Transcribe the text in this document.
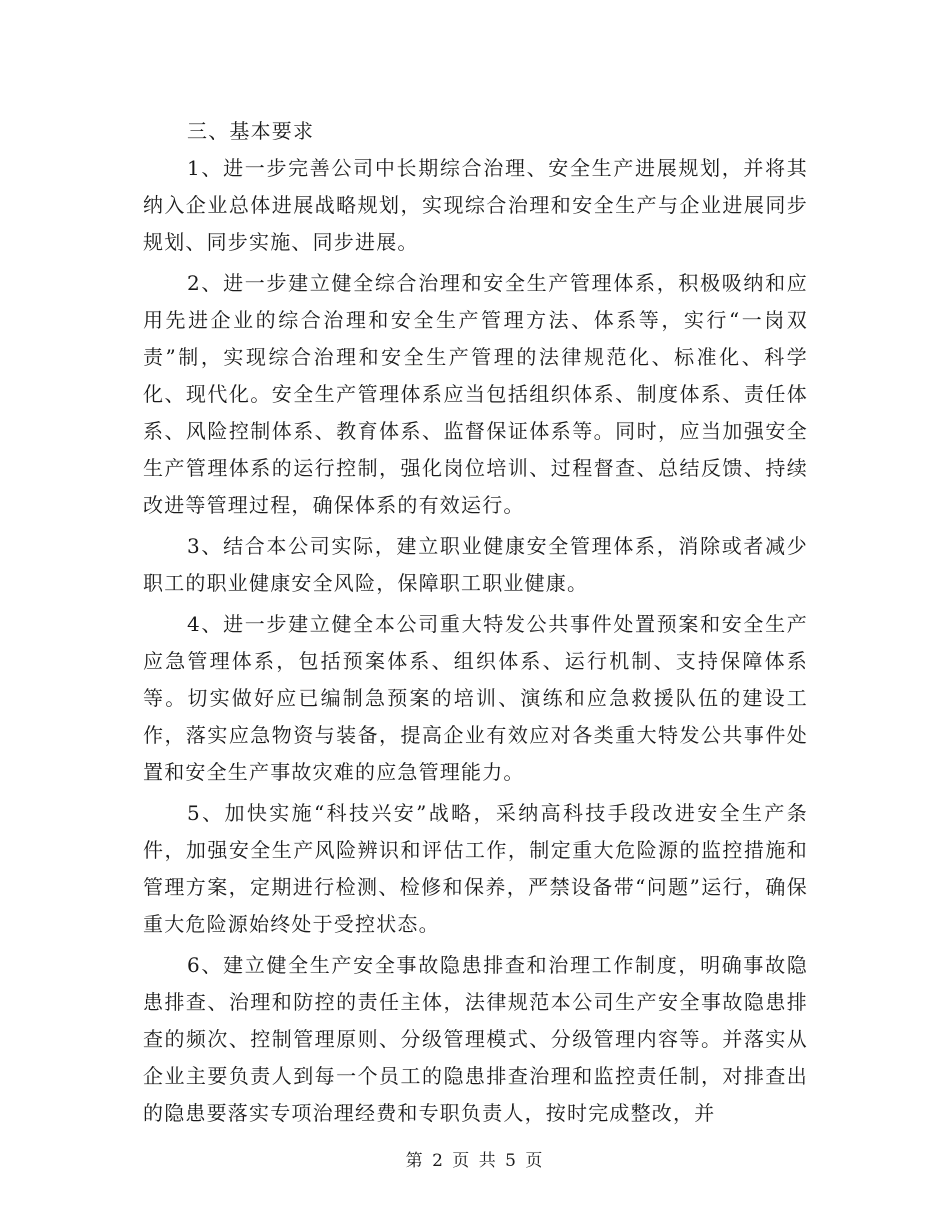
三、基本要求

1、进一步完善公司中长期综合治理、安全生产进展规划，并将其纳入企业总体进展战略规划，实现综合治理和安全生产与企业进展同步规划、同步实施、同步进展。

2、进一步建立健全综合治理和安全生产管理体系，积极吸纳和应用先进企业的综合治理和安全生产管理方法、体系等，实行“一岗双责”制，实现综合治理和安全生产管理的法律规范化、标准化、科学化、现代化。安全生产管理体系应当包括组织体系、制度体系、责任体系、风险控制体系、教育体系、监督保证体系等。同时，应当加强安全生产管理体系的运行控制，强化岗位培训、过程督查、总结反馈、持续改进等管理过程，确保体系的有效运行。

3、结合本公司实际，建立职业健康安全管理体系，消除或者减少职工的职业健康安全风险，保障职工职业健康。

4、进一步建立健全本公司重大特发公共事件处置预案和安全生产应急管理体系，包括预案体系、组织体系、运行机制、支持保障体系等。切实做好应已编制急预案的培训、演练和应急救援队伍的建设工作，落实应急物资与装备，提高企业有效应对各类重大特发公共事件处置和安全生产事故灾难的应急管理能力。

5、加快实施“科技兴安”战略，采纳高科技手段改进安全生产条件，加强安全生产风险辨识和评估工作，制定重大危险源的监控措施和管理方案，定期进行检测、检修和保养，严禁设备带“问题”运行，确保重大危险源始终处于受控状态。

6、建立健全生产安全事故隐患排查和治理工作制度，明确事故隐患排查、治理和防控的责任主体，法律规范本公司生产安全事故隐患排查的频次、控制管理原则、分级管理模式、分级管理内容等。并落实从企业主要负责人到每一个员工的隐患排查治理和监控责任制，对排查出的隐患要落实专项治理经费和专职负责人，按时完成整改，并

第 2 页 共 5 页
